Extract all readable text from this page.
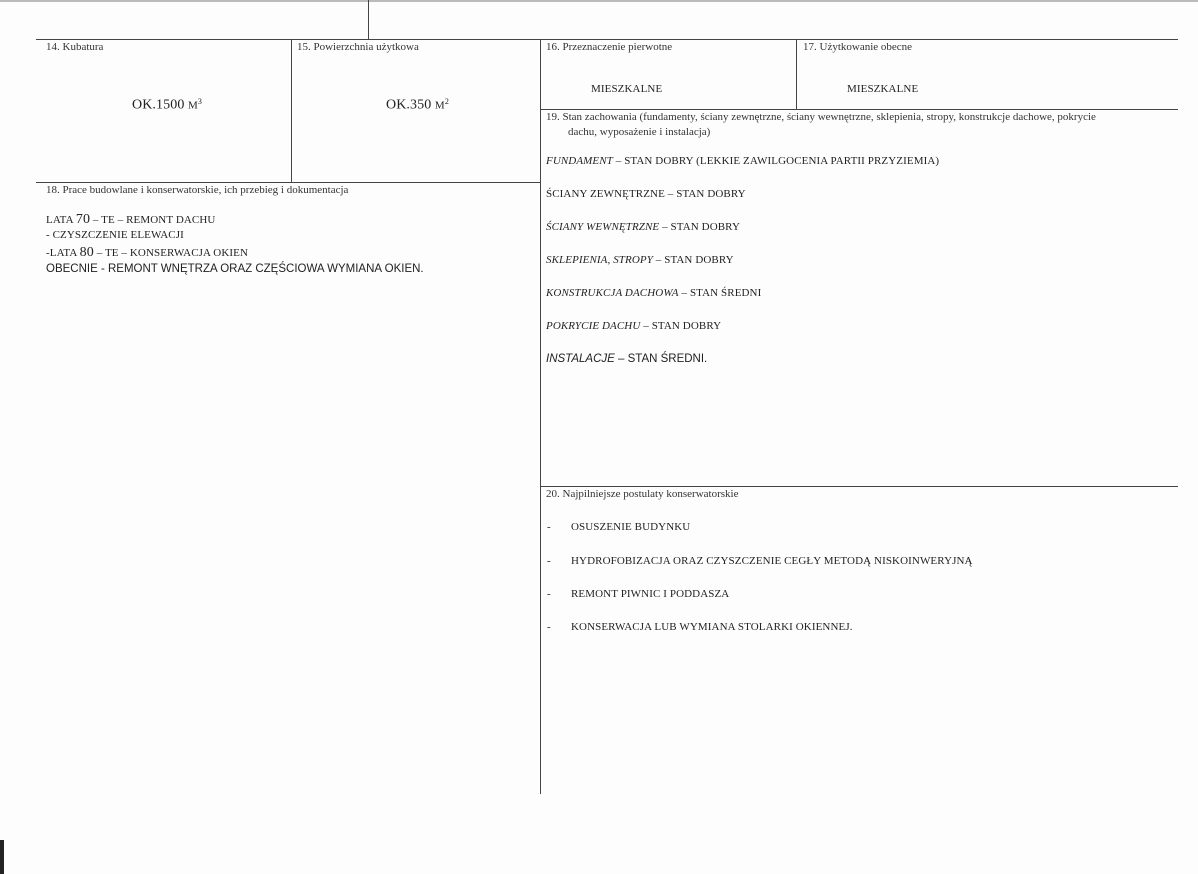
14. Kubatura
OK.1500 $M^3$
15. Powierzchnia użytkowa
OK.350 $M^2$
16. Przeznaczenie pierwotne
MIESZKALNE
17. Użytkowanie obecne
MIESZKALNE
19. Stan zachowania (fundamenty, ściany zewnętrzne, ściany wewnętrzne, sklepienia, stropy, konstrukcje dachowe, pokrycie
dachu, wyposażenie i instalacja)
FUNDAMENT – STAN DOBRY (LEKKIE ZAWILGOCENIA PARTII PRZYZIEMIA)
ŚCIANY ZEWNĘTRZNE – STAN DOBRY
ŚCIANY WEWNĘTRZNE – STAN DOBRY
SKLEPIENIA, STROPY – STAN DOBRY
KONSTRUKCJA DACHOWA – STAN ŚREDNI
POKRYCIE DACHU – STAN DOBRY
INSTALACJE – STAN ŚREDNI.
18. Prace budowlane i konserwatorskie, ich przebieg i dokumentacja
LATA 70 – TE – REMONT DACHU
- CZYSZCZENIE ELEWACJI
-LATA 80 – TE – KONSERWACJA OKIEN
OBECNIE - REMONT WNĘTRZA ORAZ CZĘŚCIOWA WYMIANA OKIEN.
20. Najpilniejsze postulaty konserwatorskie
- OSUSZENIE BUDYNKU
- HYDROFOBIZACJA ORAZ CZYSZCZENIE CEGŁY METODĄ NISKOINWERYJNĄ
- REMONT PIWNIC I PODDASZA
- KONSERWACJA LUB WYMIANA STOLARKI OKIENNEJ.
